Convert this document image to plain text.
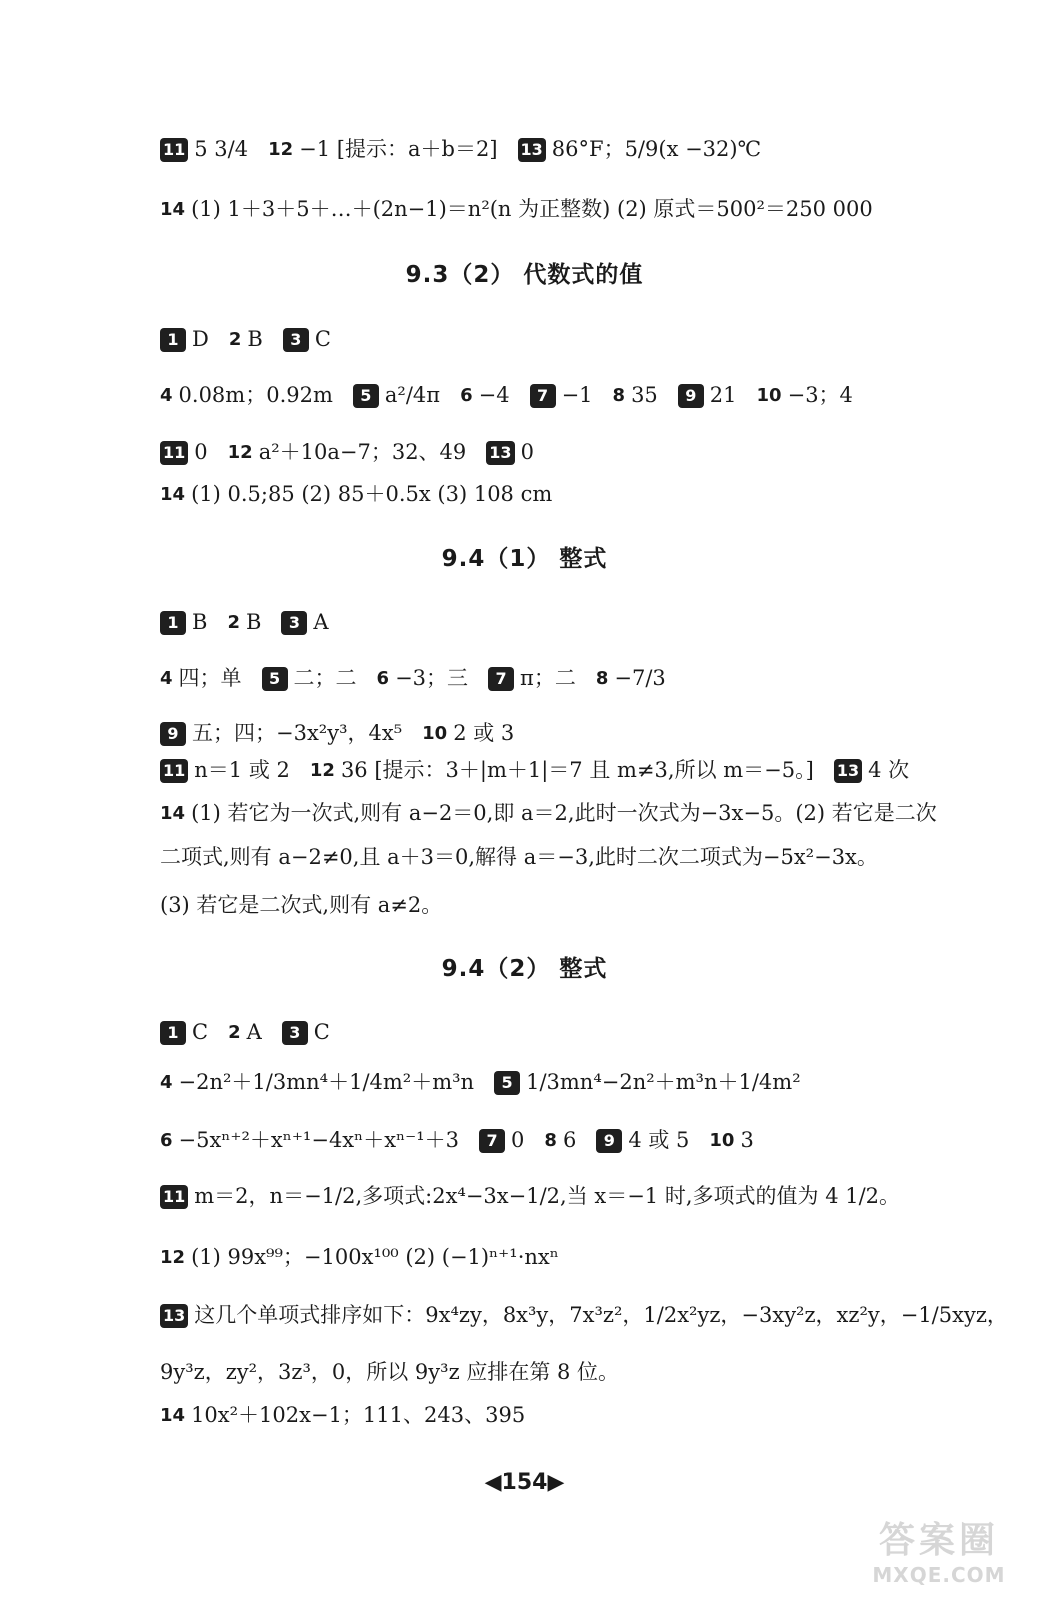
11 5 3/4 12 −1 [提示：a＋b＝2] 13 86°F；5/9(x −32)℃
14 (1) 1＋3＋5＋…＋(2n−1)＝n²(n 为正整数) (2) 原式＝500²＝250 000
9.3（2） 代数式的值
1 D 2 B	3 C
4 0.08m；0.92m	5 a²/4π 6 −4	7 −1 8 35	9 21 10 −3；4
11 0 12 a²＋10a−7；32、49 13 0
14 (1) 0.5;85 (2) 85＋0.5x (3) 108 cm
9.4（1） 整式
1 B 2 B	3 A
4 四；单	5 二；二 6 −3；三	7 π；二 8 −7/3
9 五；四；−3x²y³，4x⁵ 10 2 或 3
11 n＝1 或 2 12 36 [提示：3＋|m＋1|＝7 且 m≠3,所以 m＝−5。] 13 4 次
14 (1) 若它为一次式,则有 a−2＝0,即 a＝2,此时一次式为−3x−5。(2) 若它是二次
二项式,则有 a−2≠0,且 a＋3＝0,解得 a＝−3,此时二次二项式为−5x²−3x。
(3) 若它是二次式,则有 a≠2。
9.4（2） 整式
1 C 2 A	3 C
4 −2n²＋1/3mn⁴＋1/4m²＋m³n	5 1/3mn⁴−2n²＋m³n＋1/4m²
6 −5xⁿ⁺²＋xⁿ⁺¹−4xⁿ＋xⁿ⁻¹＋3	7 0 8 6	9 4 或 5 10 3
11 m＝2，n＝−1/2,多项式:2x⁴−3x−1/2,当 x＝−1 时,多项式的值为 4 1/2。
12 (1) 99x⁹⁹；−100x¹⁰⁰ (2) (−1)ⁿ⁺¹·nxⁿ
13 这几个单项式排序如下：9x⁴zy，8x³y，7x³z²，1/2x²yz，−3xy²z，xz²y，−1/5xyz，
9y³z，zy²，3z³，0，所以 9y³z 应排在第 8 位。
14 10x²＋102x−1；111、243、395
◀154▶
答案圈
MXQE.COM
